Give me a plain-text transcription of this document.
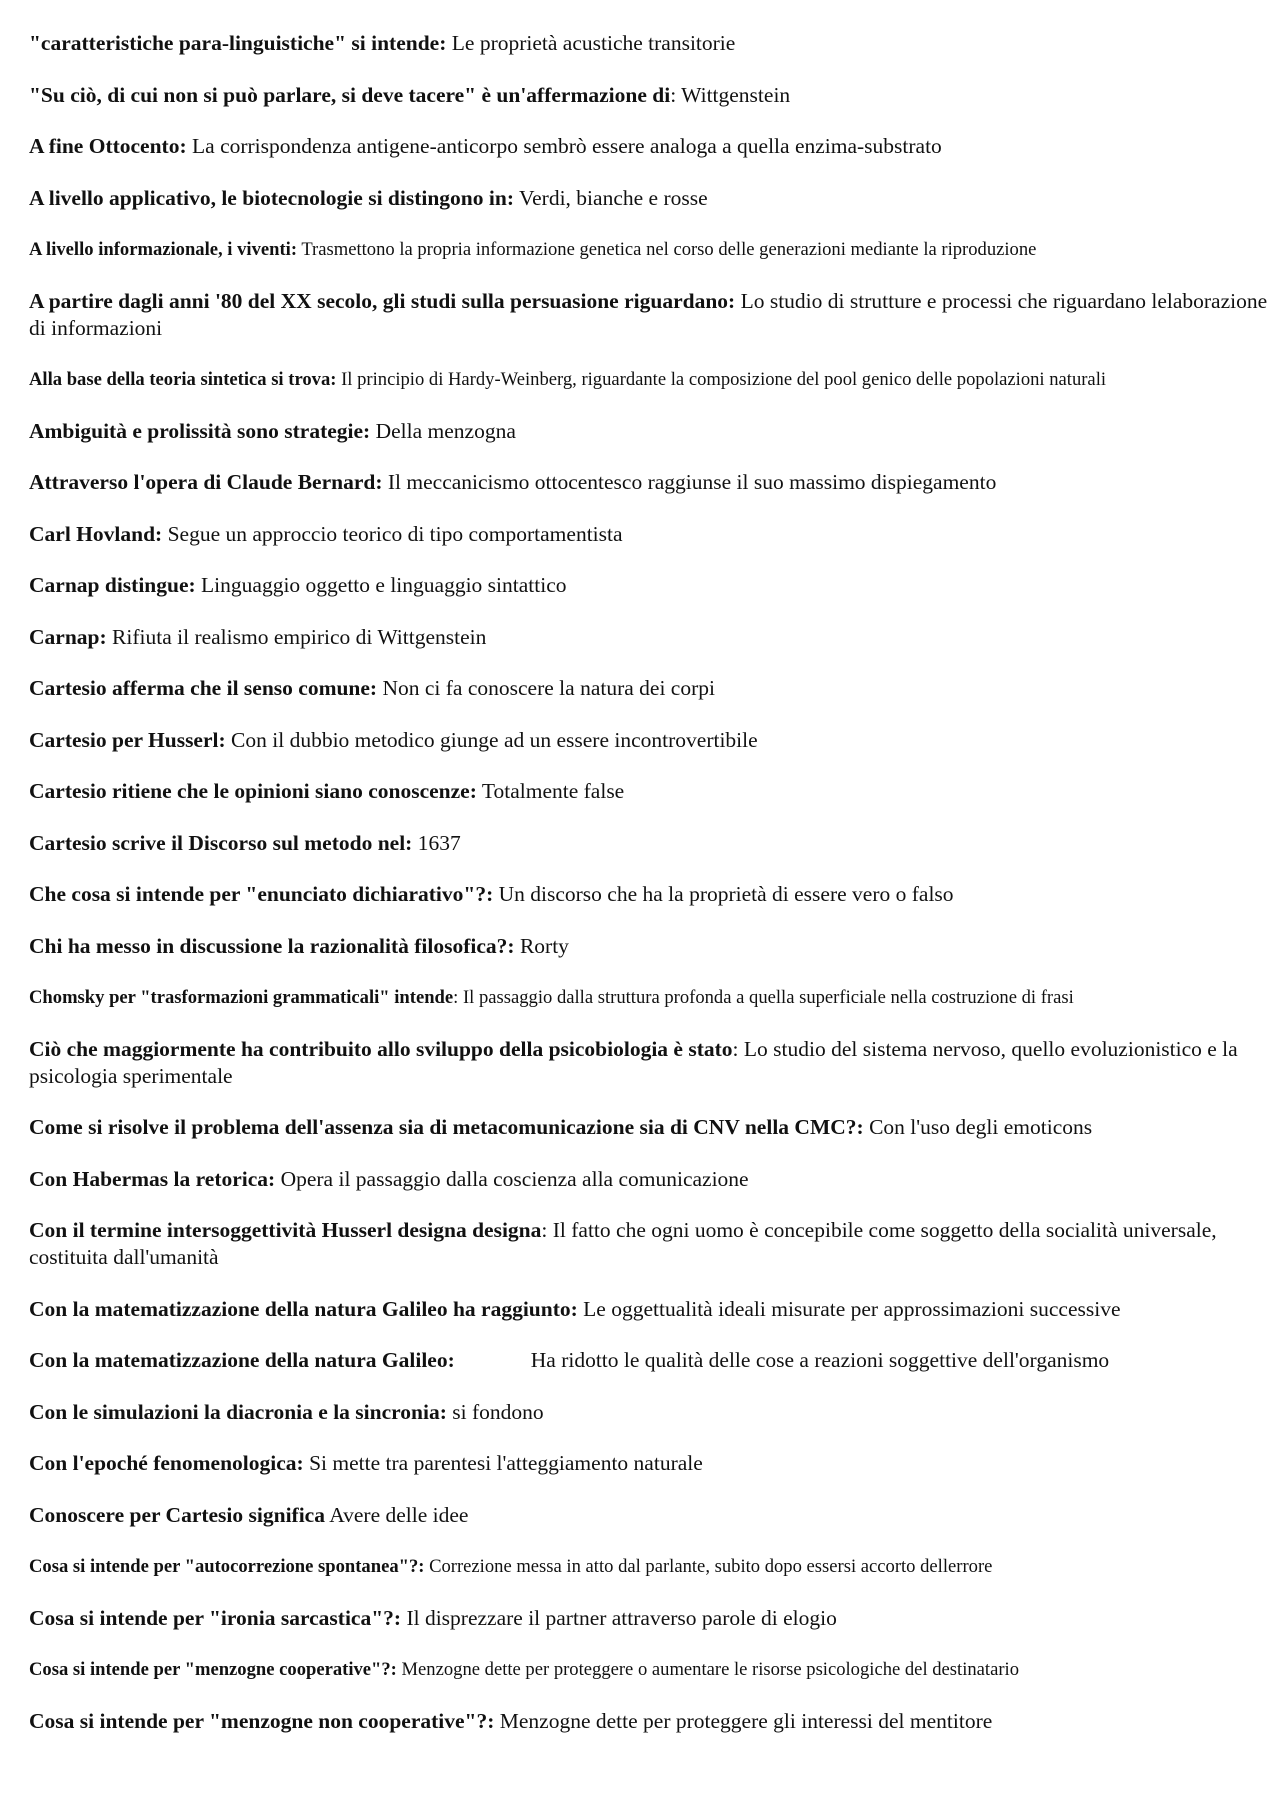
"caratteristiche para-linguistiche" si intende: Le proprietà acustiche transitorie

"Su ciò, di cui non si può parlare, si deve tacere" è un'affermazione di: Wittgenstein

A fine Ottocento: La corrispondenza antigene-anticorpo sembrò essere analoga a quella enzima-substrato

A livello applicativo, le biotecnologie si distingono in: Verdi, bianche e rosse

A livello informazionale, i viventi: Trasmettono la propria informazione genetica nel corso delle generazioni mediante la riproduzione

A partire dagli anni '80 del XX secolo, gli studi sulla persuasione riguardano: Lo studio di strutture e processi che riguardano lelaborazione di informazioni

Alla base della teoria sintetica si trova: Il principio di Hardy-Weinberg, riguardante la composizione del pool genico delle popolazioni naturali

Ambiguità e prolissità sono strategie: Della menzogna

Attraverso l'opera di Claude Bernard: Il meccanicismo ottocentesco raggiunse il suo massimo dispiegamento

Carl Hovland: Segue un approccio teorico di tipo comportamentista

Carnap distingue: Linguaggio oggetto e linguaggio sintattico

Carnap: Rifiuta il realismo empirico di Wittgenstein

Cartesio afferma che il senso comune: Non ci fa conoscere la natura dei corpi

Cartesio per Husserl: Con il dubbio metodico giunge ad un essere incontrovertibile

Cartesio ritiene che le opinioni siano conoscenze: Totalmente false

Cartesio scrive il Discorso sul metodo nel: 1637

Che cosa si intende per "enunciato dichiarativo"?: Un discorso che ha la proprietà di essere vero o falso

Chi ha messo in discussione la razionalità filosofica?: Rorty

Chomsky per "trasformazioni grammaticali" intende: Il passaggio dalla struttura profonda a quella superficiale nella costruzione di frasi

Ciò che maggiormente ha contribuito allo sviluppo della psicobiologia è stato: Lo studio del sistema nervoso, quello evoluzionistico e la psicologia sperimentale

Come si risolve il problema dell'assenza sia di metacomunicazione sia di CNV nella CMC?: Con l'uso degli emoticons

Con Habermas la retorica: Opera il passaggio dalla coscienza alla comunicazione

Con il termine intersoggettività Husserl designa designa: Il fatto che ogni uomo è concepibile come soggetto della socialità universale, costituita dall'umanità

Con la matematizzazione della natura Galileo ha raggiunto: Le oggettualità ideali misurate per approssimazioni successive

Con la matematizzazione della natura Galileo:	Ha ridotto le qualità delle cose a reazioni soggettive dell'organismo

Con le simulazioni la diacronia e la sincronia: si fondono

Con l'epoché fenomenologica: Si mette tra parentesi l'atteggiamento naturale

Conoscere per Cartesio significa Avere delle idee

Cosa si intende per "autocorrezione spontanea"?: Correzione messa in atto dal parlante, subito dopo essersi accorto dellerrore

Cosa si intende per "ironia sarcastica"?: Il disprezzare il partner attraverso parole di elogio

Cosa si intende per "menzogne cooperative"?: Menzogne dette per proteggere o aumentare le risorse psicologiche del destinatario

Cosa si intende per "menzogne non cooperative"?: Menzogne dette per proteggere gli interessi del mentitore
